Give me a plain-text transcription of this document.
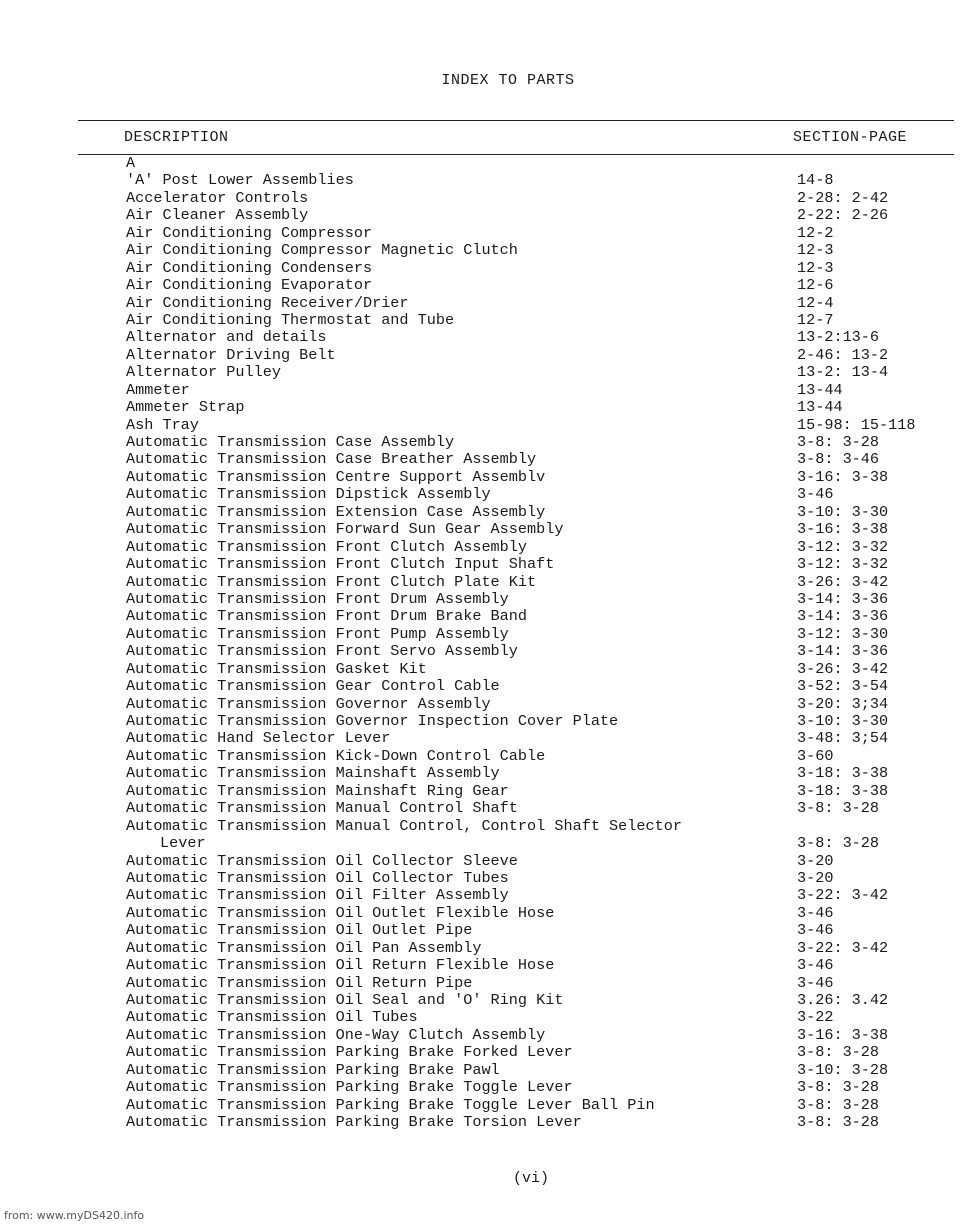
INDEX TO PARTS
DESCRIPTION	SECTION-PAGE
A
'A' Post Lower Assemblies	14-8
Accelerator Controls	2-28: 2-42
Air Cleaner Assembly	2-22: 2-26
Air Conditioning Compressor	12-2
Air Conditioning Compressor Magnetic Clutch	12-3
Air Conditioning Condensers	12-3
Air Conditioning Evaporator	12-6
Air Conditioning Receiver/Drier	12-4
Air Conditioning Thermostat and Tube	12-7
Alternator and details	13-2:13-6
Alternator Driving Belt	2-46: 13-2
Alternator Pulley	13-2: 13-4
Ammeter	13-44
Ammeter Strap	13-44
Ash Tray	15-98: 15-118
Automatic Transmission Case Assembly	3-8: 3-28
Automatic Transmission Case Breather Assembly	3-8: 3-46
Automatic Transmission Centre Support Assemblv	3-16: 3-38
Automatic Transmission Dipstick Assembly	3-46
Automatic Transmission Extension Case Assembly	3-10: 3-30
Automatic Transmission Forward Sun Gear Assembly	3-16: 3-38
Automatic Transmission Front Clutch Assembly	3-12: 3-32
Automatic Transmission Front Clutch Input Shaft	3-12: 3-32
Automatic Transmission Front Clutch Plate Kit	3-26: 3-42
Automatic Transmission Front Drum Assembly	3-14: 3-36
Automatic Transmission Front Drum Brake Band	3-14: 3-36
Automatic Transmission Front Pump Assembly	3-12: 3-30
Automatic Transmission Front Servo Assembly	3-14: 3-36
Automatic Transmission Gasket Kit	3-26: 3-42
Automatic Transmission Gear Control Cable	3-52: 3-54
Automatic Transmission Governor Assembly	3-20: 3;34
Automatic Transmission Governor Inspection Cover Plate	3-10: 3-30
Automatic Hand Selector Lever	3-48: 3;54
Automatic Transmission Kick-Down Control Cable	3-60
Automatic Transmission Mainshaft Assembly	3-18: 3-38
Automatic Transmission Mainshaft Ring Gear	3-18: 3-38
Automatic Transmission Manual Control Shaft	3-8: 3-28
Automatic Transmission Manual Control, Control Shaft Selector
Lever	3-8: 3-28
Automatic Transmission Oil Collector Sleeve	3-20
Automatic Transmission Oil Collector Tubes	3-20
Automatic Transmission Oil Filter Assembly	3-22: 3-42
Automatic Transmission Oil Outlet Flexible Hose	3-46
Automatic Transmission Oil Outlet Pipe	3-46
Automatic Transmission Oil Pan Assembly	3-22: 3-42
Automatic Transmission Oil Return Flexible Hose	3-46
Automatic Transmission Oil Return Pipe	3-46
Automatic Transmission Oil Seal and 'O' Ring Kit	3.26: 3.42
Automatic Transmission Oil Tubes	3-22
Automatic Transmission One-Way Clutch Assembly	3-16: 3-38
Automatic Transmission Parking Brake Forked Lever	3-8: 3-28
Automatic Transmission Parking Brake Pawl	3-10: 3-28
Automatic Transmission Parking Brake Toggle Lever	3-8: 3-28
Automatic Transmission Parking Brake Toggle Lever Ball Pin	3-8: 3-28
Automatic Transmission Parking Brake Torsion Lever	3-8: 3-28
(vi)
from: www.myDS420.info
